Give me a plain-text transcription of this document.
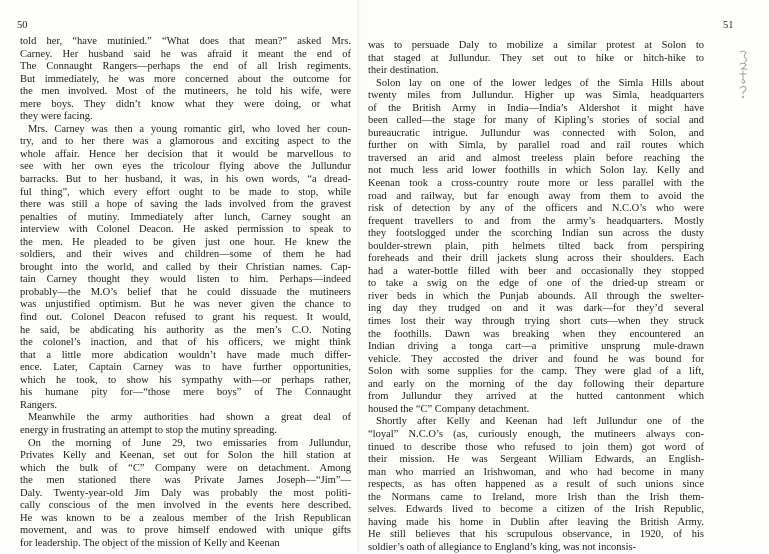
50	51
told her, “have mutinied.” “What does that mean?” asked Mrs.
Carney. Her husband said he was afraid it meant the end of
The Connaught Rangers—perhaps the end of all Irish regiments.
But immediately, he was more concerned about the outcome for
the men involved. Most of the mutineers, he told his wife, were
mere boys. They didn’t know what they were doing, or what
they were facing.
Mrs. Carney was then a young romantic girl, who loved her coun-
try, and to her there was a glamorous and exciting aspect to the
whole affair. Hence her decision that it would be marvellous to
see with her own eyes the tricolour flying above the Jullundur
barracks. But to her husband, it was, in his own words, “a dread-
ful thing”, which every effort ought to be made to stop, while
there was still a hope of saving the lads involved from the gravest
penalties of mutiny. Immediately after lunch, Carney sought an
interview with Colonel Deacon. He asked permission to speak to
the men. He pleaded to be given just one hour. He knew the
soldiers, and their wives and children—some of them he had
brought into the world, and called by their Christian names. Cap-
tain Carney thought they would listen to him. Perhaps—indeed
probably—the M.O’s belief that he could dissuade the mutineers
was unjustified optimism. But he was never given the chance to
find out. Colonel Deacon refused to grant his request. It would,
he said, be abdicating his authority as the men’s C.O. Noting
the colonel’s inaction, and that of his officers, we might think
that a little more abdication wouldn’t have made much differ-
ence. Later, Captain Carney was to have further opportunities,
which he took, to show his sympathy with—or perhaps rather,
his humane pity for—“those mere boys” of The Connaught
Rangers.
Meanwhile the army authorities had shown a great deal of
energy in frustrating an attempt to stop the mutiny spreading.
On the morning of June 29, two emissaries from Jullundur,
Privates Kelly and Keenan, set out for Solon the hill station at
which the bulk of “C” Company were on detachment. Among
the men stationed there was Private James Joseph—“Jim”—
Daly. Twenty-year-old Jim Daly was probably the most politi-
cally conscious of the men involved in the events here described.
He was known to be a zealous member of the Irish Republican
movement, and was to prove himself endowed with unique gifts
for leadership. The object of the mission of Kelly and Keenan
was to persuade Daly to mobilize a similar protest at Solon to
that staged at Jullundur. They set out to hike or hitch-hike to
their destination.
Solon lay on one of the lower ledges of the Simla Hills about
twenty miles from Jullundur. Higher up was Simla, headquarters
of the British Army in India—India’s Aldershot it might have
been called—the stage for many of Kipling’s stories of social and
bureaucratic intrigue. Jullundur was connected with Solon, and
further on with Simla, by parallel road and rail routes which
traversed an arid and almost treeless plain before reaching the
not much less arid lower foothills in which Solon lay. Kelly and
Keenan took a cross-country route more or less parallel with the
road and railway, but far enough away from them to avoid the
risk of detection by any of the officers and N.C.O’s who were
frequent travellers to and from the army’s headquarters. Mostly
they footslogged under the scorching Indian sun across the dusty
boulder-strewn plain, pith helmets tilted back from perspiring
foreheads and their drill jackets slung across their shoulders. Each
had a water-bottle filled with beer and occasionally they stopped
to take a swig on the edge of one of the dried-up stream or
river beds in which the Punjab abounds. All through the swelter-
ing day they trudged on and it was dark—for they’d several
times lost their way through trying short cuts—when they struck
the foothills. Dawn was breaking when they encountered an
Indian driving a tonga cart—a primitive unsprung mule-drawn
vehicle. They accosted the driver and found he was bound for
Solon with some supplies for the camp. They were glad of a lift,
and early on the morning of the day following their departure
from Jullundur they arrived at the hutted cantonment which
housed the “C” Company detachment.
Shortly after Kelly and Keenan had left Jullundur one of the
“loyal” N.C.O’s (as, curiously enough, the mutineers always con-
tinued to describe those who refused to join them) got word of
their mission. He was Sergeant William Edwards, an English-
man who married an Irishwoman, and who had become in many
respects, as has often happened as a result of such unions since
the Normans came to Ireland, more Irish than the Irish them-
selves. Edwards lived to become a citizen of the Irish Republic,
having made his home in Dublin after leaving the British Army.
He still believes that his scrupulous observance, in 1920, of his
soldier’s oath of allegiance to England’s king, was not inconsis-
